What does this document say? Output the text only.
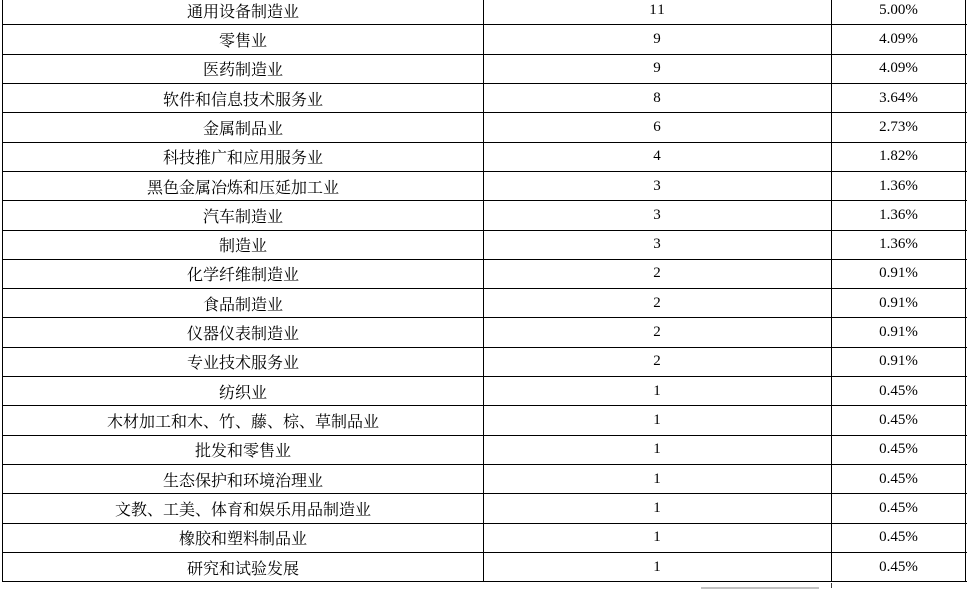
通用设备制造业	11	5.00%
零售业	9	4.09%
医药制造业	9	4.09%
软件和信息技术服务业	8	3.64%
金属制品业	6	2.73%
科技推广和应用服务业	4	1.82%
黑色金属冶炼和压延加工业	3	1.36%
汽车制造业	3	1.36%
制造业	3	1.36%
化学纤维制造业	2	0.91%
食品制造业	2	0.91%
仪器仪表制造业	2	0.91%
专业技术服务业	2	0.91%
纺织业	1	0.45%
木材加工和木、竹、藤、棕、草制品业	1	0.45%
批发和零售业	1	0.45%
生态保护和环境治理业	1	0.45%
文教、工美、体育和娱乐用品制造业	1	0.45%
橡胶和塑料制品业	1	0.45%
研究和试验发展	1	0.45%
